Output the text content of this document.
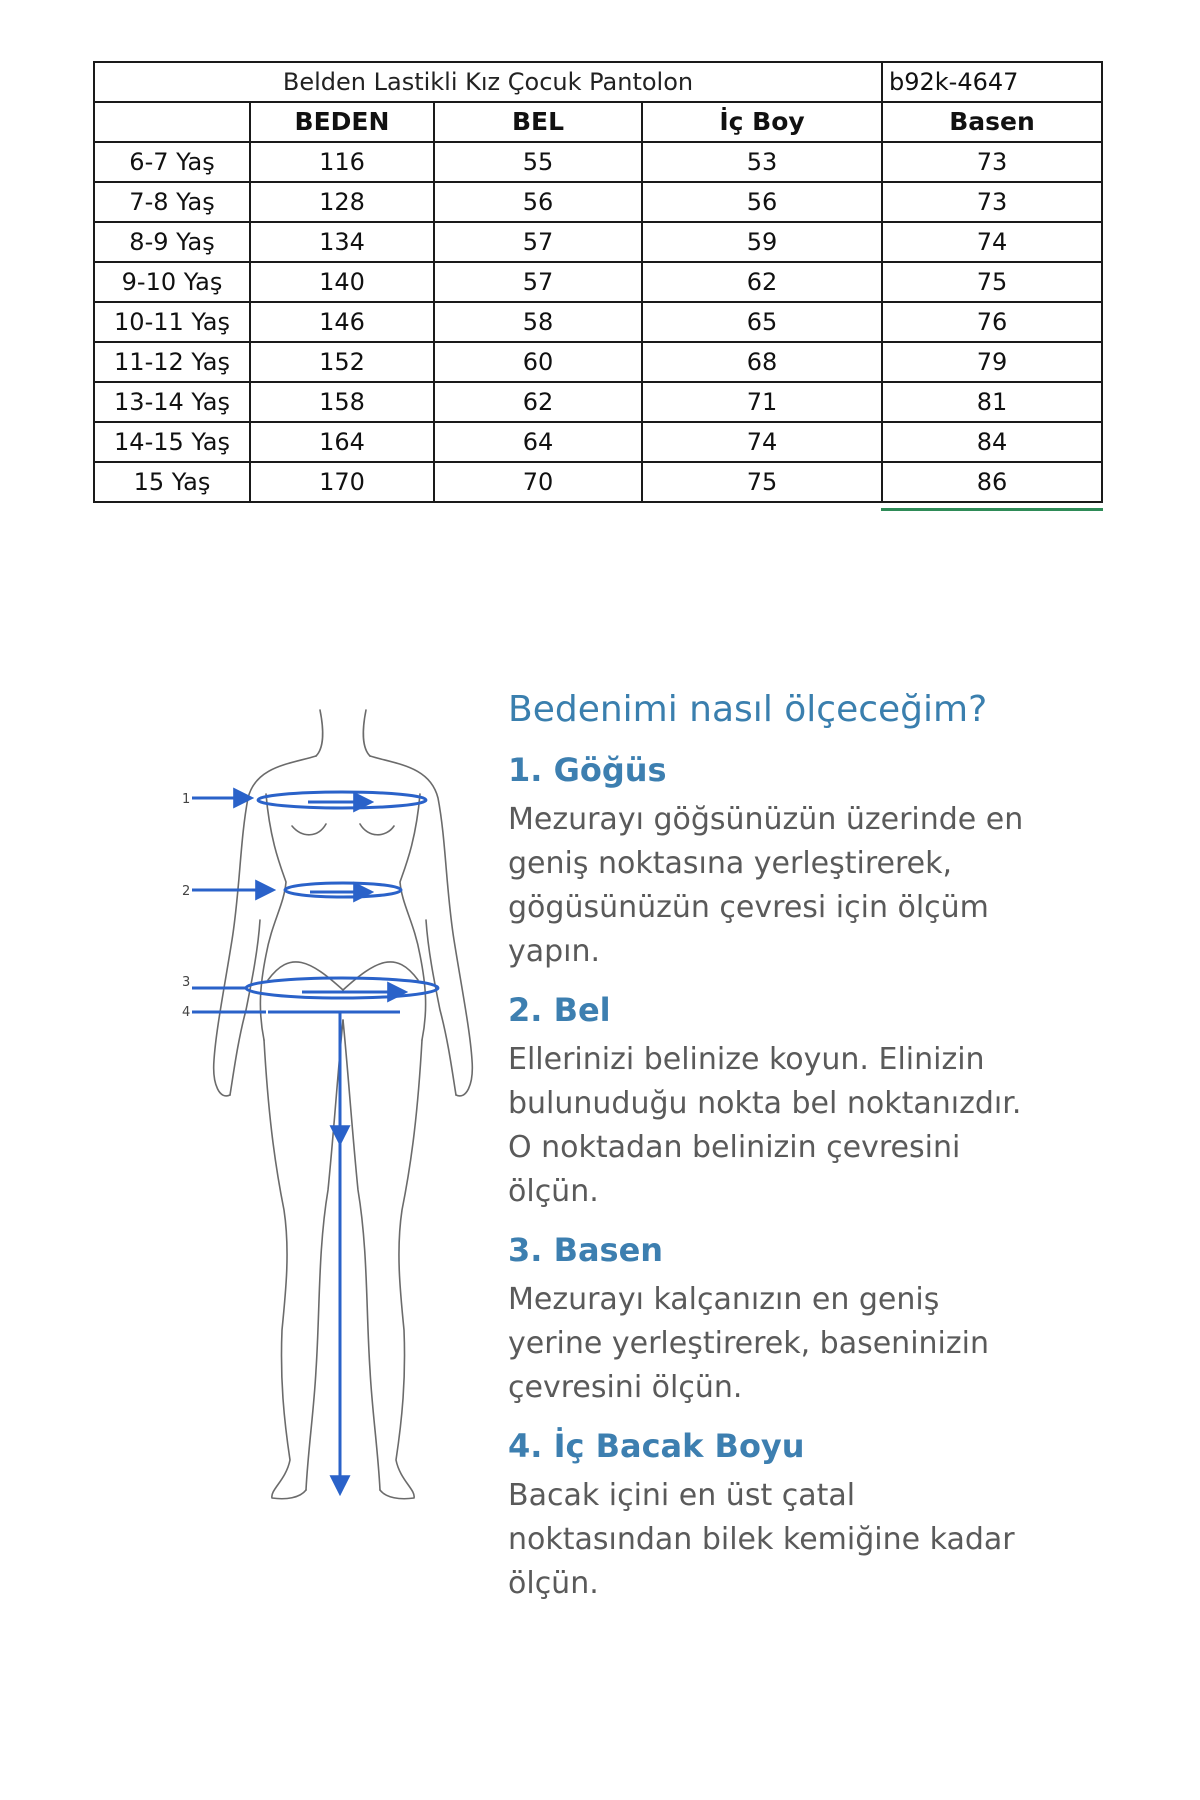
Belden Lastikli Kız Çocuk Pantolon				b92k-4647
	BEDEN	BEL	İç Boy	Basen
6-7 Yaş	116	55	53	73
7-8 Yaş	128	56	56	73
8-9 Yaş	134	57	59	74
9-10 Yaş	140	57	62	75
10-11 Yaş	146	58	65	76
11-12 Yaş	152	60	68	79
13-14 Yaş	158	62	71	81
14-15 Yaş	164	64	74	84
15 Yaş	170	70	75	86
1
2
3
4
Bedenimi nasıl ölçeceğim?
1. Göğüs
Mezurayı göğsünüzün üzerinde en geniş noktasına yerleştirerek, gögüsünüzün çevresi için ölçüm yapın.
2. Bel
Ellerinizi belinize koyun. Elinizin bulunuduğu nokta bel noktanızdır. O noktadan belinizin çevresini ölçün.
3. Basen
Mezurayı kalçanızın en geniş yerine yerleştirerek, baseninizin çevresini ölçün.
4. İç Bacak Boyu
Bacak içini en üst çatal noktasından bilek kemiğine kadar ölçün.
